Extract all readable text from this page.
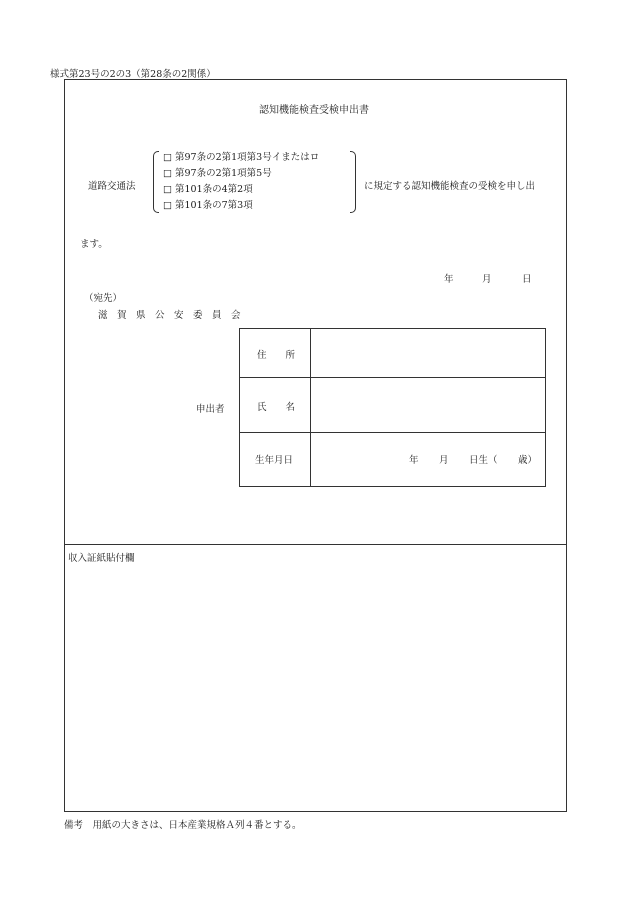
様式第23号の2の3（第28条の2関係）
認知機能検査受検申出書
道路交通法
□ 第97条の2第1項第3号イまたはロ
□ 第97条の2第1項第5号
□ 第101条の4第2項
□ 第101条の7第3項
に規定する認知機能検査の受検を申し出
ます。
年	月	日
（宛先）
滋　賀　県　公　安　委　員　会
申出者
住　　所
氏　　名
生年月日	年 月 日生（ 歳）
収入証紙貼付欄
備考　用紙の大きさは、日本産業規格Ａ列４番とする。
